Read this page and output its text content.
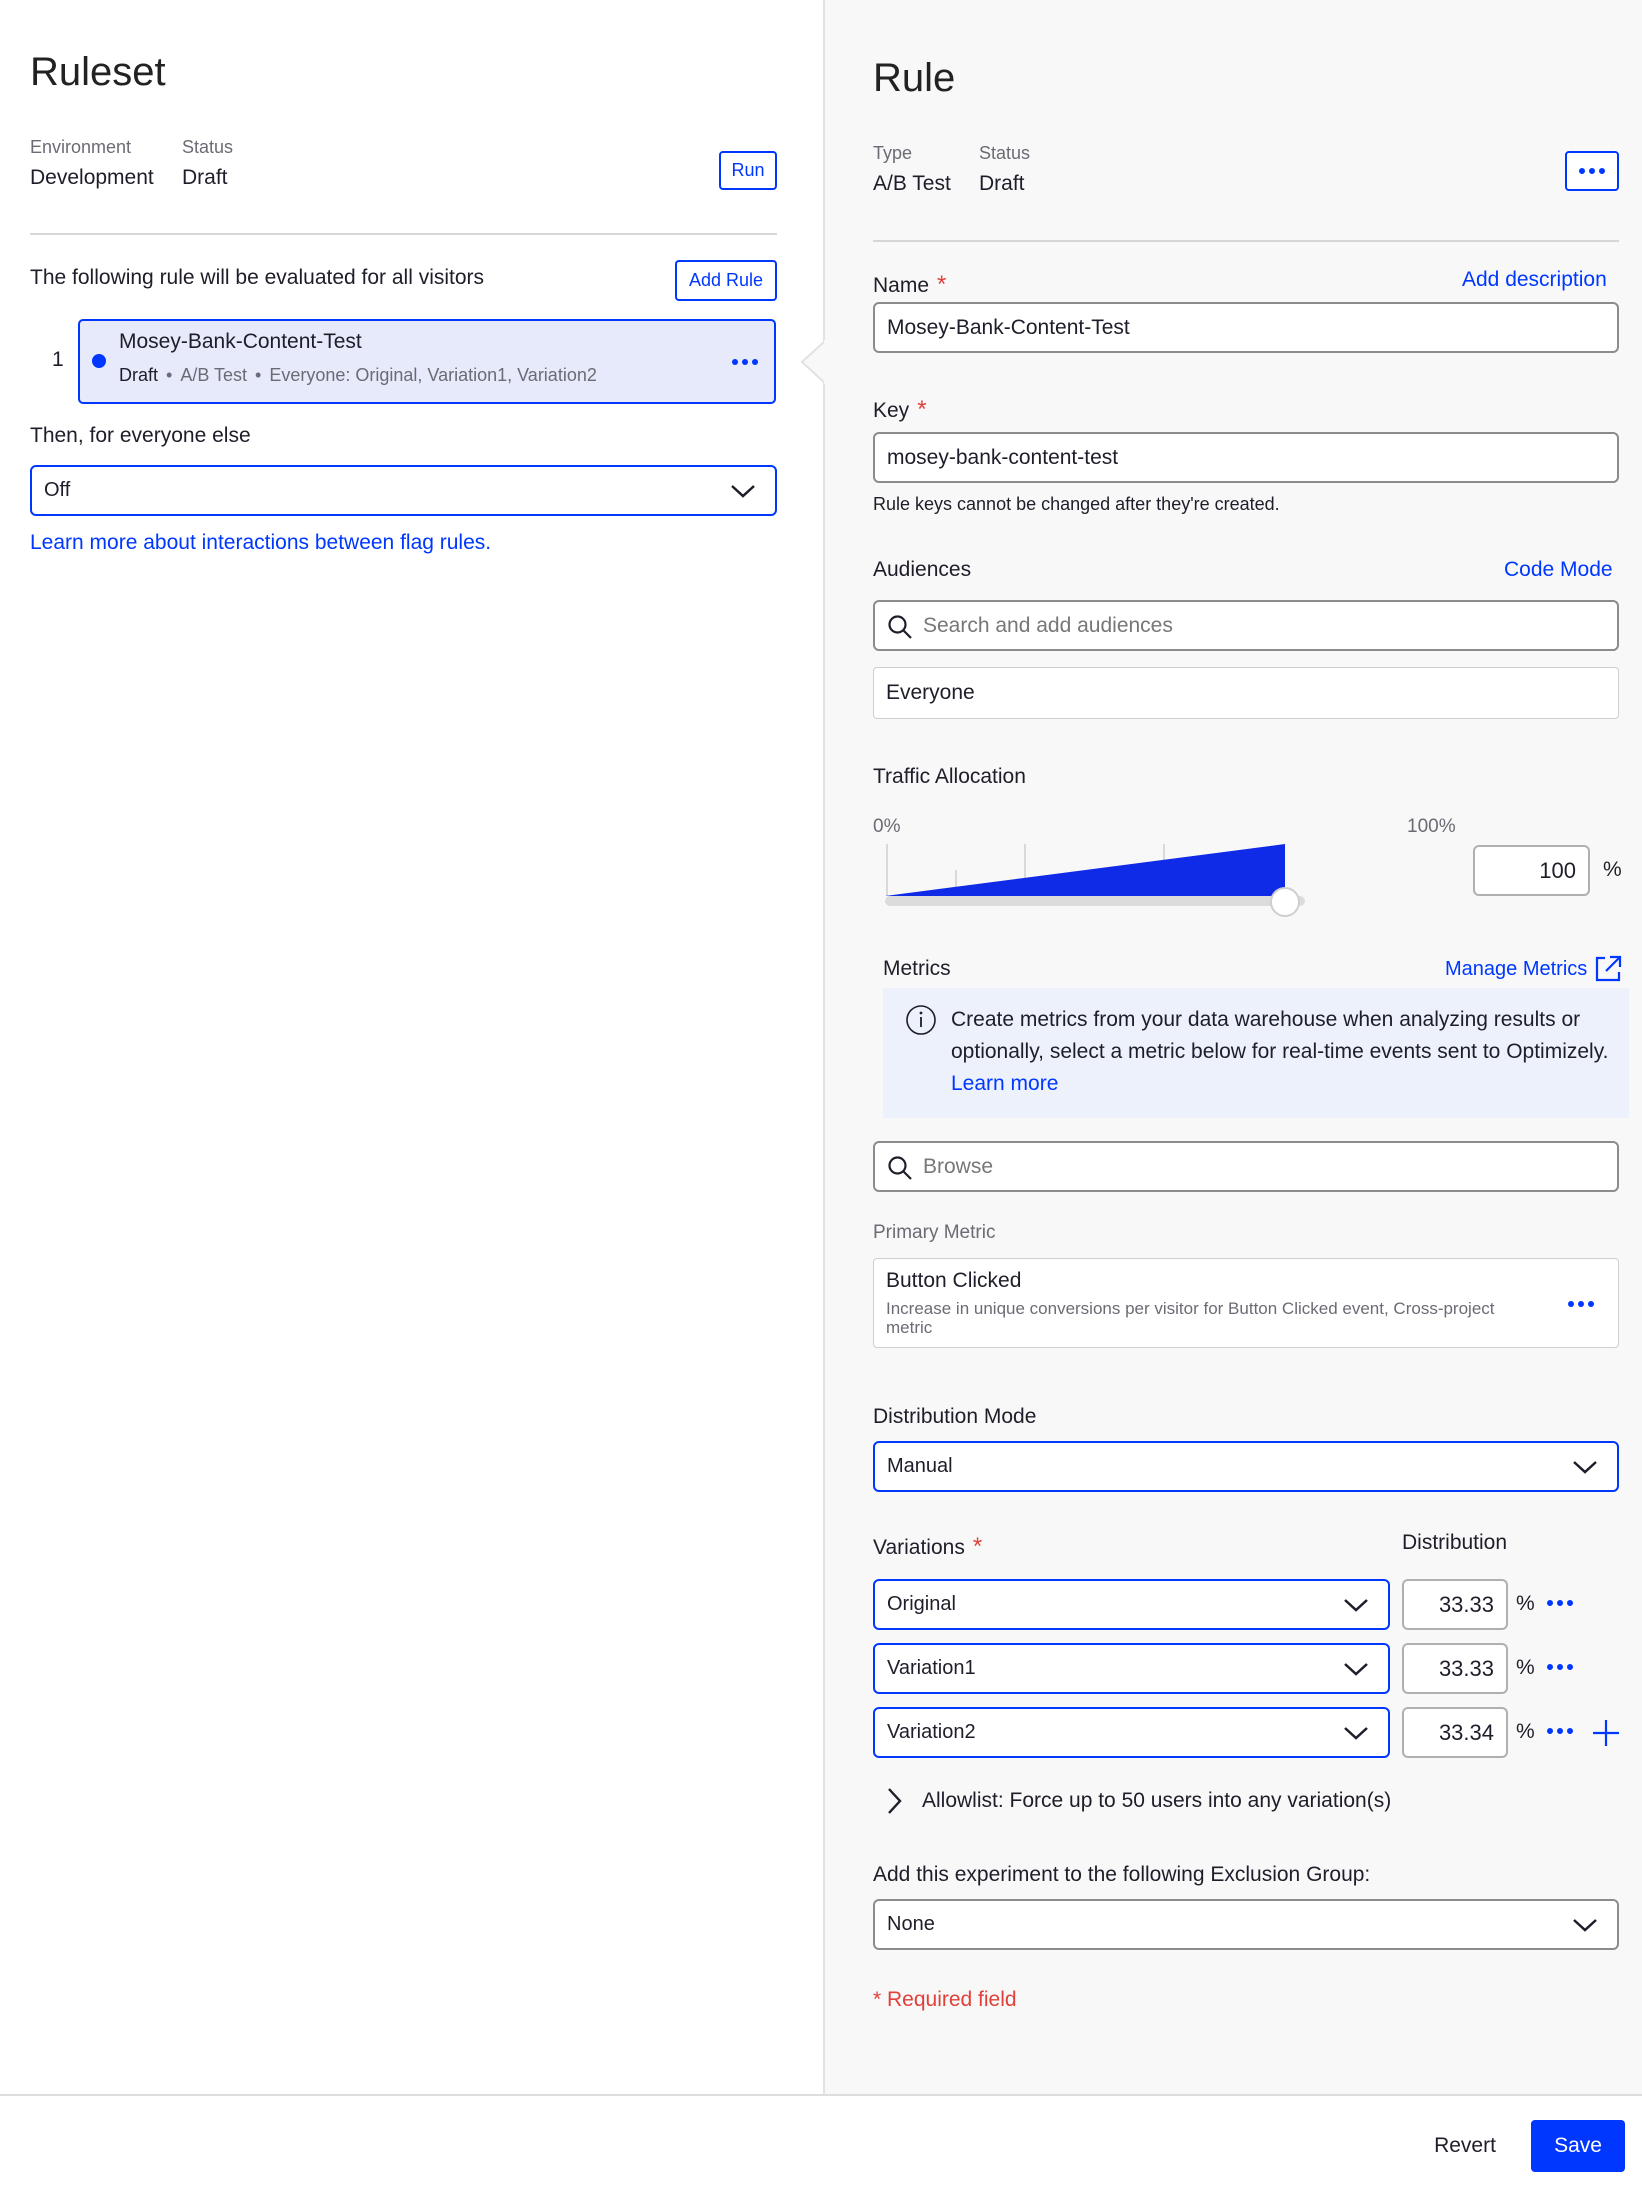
Ruleset
Environment
Development
Status
Draft	Run
The following rule will be evaluated for all visitors	Add Rule
1
Mosey-Bank-Content-Test
Draft • A/B Test • Everyone: Original, Variation1, Variation2
Then, for everyone else
Off
Learn more about interactions between flag rules.
Rule
Type
A/B Test
Status
Draft
Name *	Add description
Mosey-Bank-Content-Test
Key *
mosey-bank-content-test
Rule keys cannot be changed after they're created.
Audiences	Code Mode
Search and add audiences
Everyone
Traffic Allocation
0%	100%
100	%
Metrics	Manage Metrics
Create metrics from your data warehouse when analyzing results or optionally, select a metric below for real-time events sent to Optimizely. Learn more
Browse
Primary Metric
Button Clicked
Increase in unique conversions per visitor for Button Clicked event, Cross-project metric
Distribution Mode
Manual
Variations *	Distribution
Original	33.33	%
Variation1	33.33	%
Variation2	33.34	%
Allowlist: Force up to 50 users into any variation(s)
Add this experiment to the following Exclusion Group:
None
* Required field
Revert	Save
